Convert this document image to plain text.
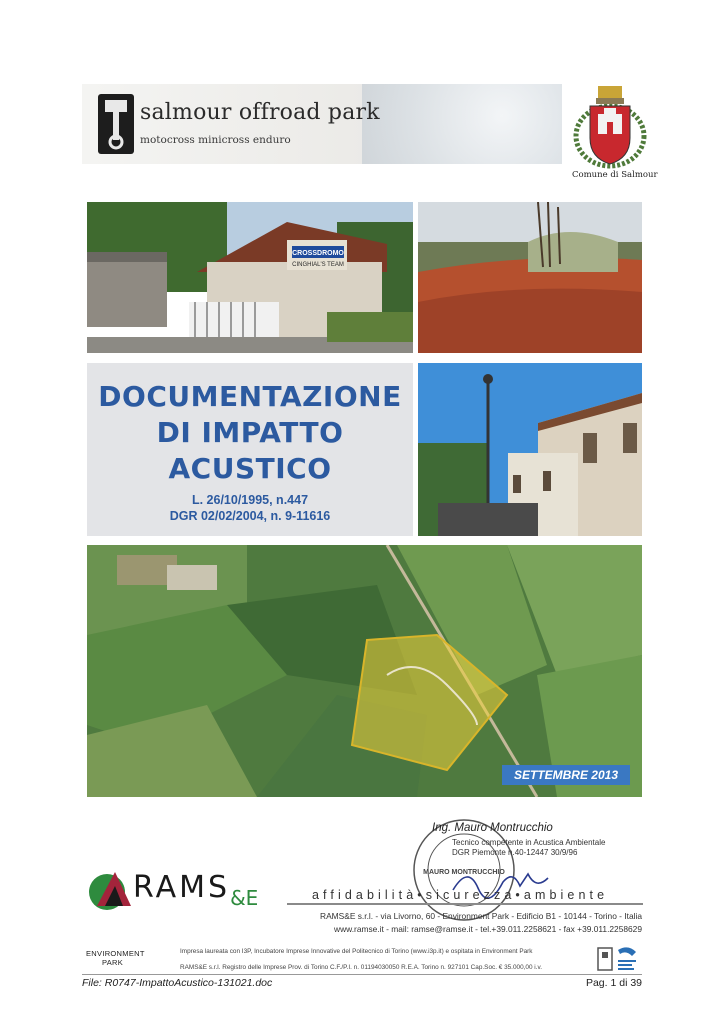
salmour offroad park
motocross minicross enduro
Comune di Salmour
CROSSDROMO
CINGHIAL'S TEAM
DOCUMENTAZIONE
DI IMPATTO
ACUSTICO
L. 26/10/1995, n.447
DGR 02/02/2004, n. 9-11616
SETTEMBRE 2013
MAURO MONTRUCCHIO
Ing. Mauro Montrucchio
Tecnico competente in Acustica Ambientale
DGR Piemonte n.40-12447 30/9/96
$RAMS_{\&E}$	affidabilità•sicurezza•ambiente
RAMS&E s.r.l. - via Livorno, 60 - Environment Park - Edificio B1 - 10144 - Torino - Italia
www.ramse.it - mail: ramse@ramse.it - tel.+39.011.2258621 - fax +39.011.2258629
ENVIRONMENT
PARK
Impresa laureata con I3P, Incubatore Imprese Innovative del Politecnico di Torino (www.i3p.it) e ospitata in Environment Park
RAMS&E s.r.l. Registro delle Imprese Prov. di Torino C.F./P.I. n. 01194030050 R.E.A. Torino n. 927101 Cap.Soc. € 35.000,00 i.v.
File: R0747-ImpattoAcustico-131021.doc	Pag. 1 di 39
